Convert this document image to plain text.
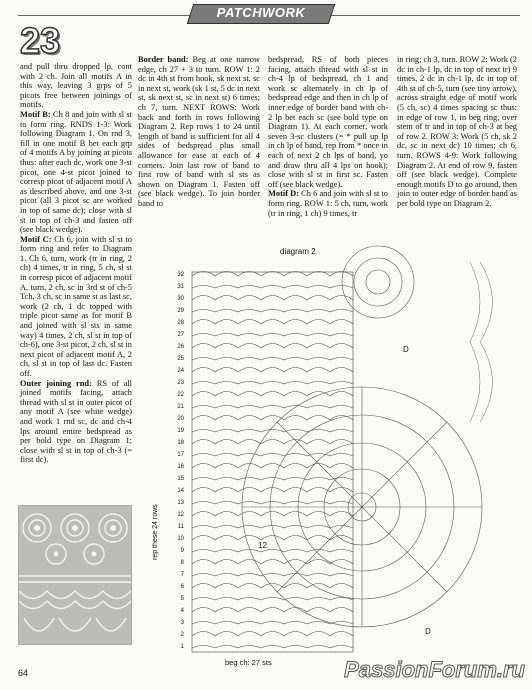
PATCHWORK
23

and pull thru dropped lp, cont with 2 ch. Join all motifs A in this way, leaving 3 grps of 5 picots free between joinings of motifs.

Motif B: Ch 8 and join with sl st to form ring. RNDS 1-3: Work following Diagram 1. On rnd 3, fill in one motif B bet each grp of 4 motifs A by joining at picots thus: after each dc, work one 3-st picot, one 4-st picot joined to corresp picot of adjacent motif A as described above, and one 3-st picot (all 3 picot sc are worked in top of same dc); close with sl st in top of ch-3 and fasten off (see black wedge).

Motif C: Ch 6, join with sl st to form ring and refer to Diagram 1. Ch 6, turn, work (tr in ring, 2 ch) 4 times, tr in ring, 5 ch, sl st in corresp picot of adjacent motif A, turn, 2 ch, sc in 3rd st of ch-5 Tch, 3 ch, sc in same st as last sc, work (2 ch, 1 dc topped with triple picot same as for motif B and joined with sl sts in same way) 4 times, 2 ch, sl st in top of ch-6), one 3-st picot, 2 ch, sl st in next picot of adjacent motif A, 2 ch, sl st in top of last dc. Fasten off.

Outer joining rnd: RS of all joined motifs facing, attach thread with sl st in outer picot of any motif A (see white wedge) and work 1 rnd sc, dc and ch-4 lps around entire bedspread as per bold type on Diagram 1; close with sl st in top of ch-3 (= first dc).

Border band: Beg at one narrow edge, ch 27 + 3 to turn. ROW 1: 2 dc in 4th st from hook, sk next st, sc in next st, work (sk 1 st, 5 dc in next st, sk next st, sc in next st) 6 times; ch 7, turn. NEXT ROWS: Work back and forth in rows following Diagram 2. Rep rows 1 to 24 until length of band is sufficient for all 4 sides of bedspread plus small allowance for ease at each of 4 corners. Join last row of band to first row of band with sl sts as shown on Diagram 1. Fasten off (see black wedge). To join border band to

bedspread, RS of both pieces facing, attach thread with sl st in ch-4 lp of bedspread, ch 1 and work sc alternately in ch lp of bedspread edge and then in ch lp of inner edge of border band with ch-2 lp bet each sc (see bold type on Diagram 1). At each corner, work seven 3-sc clusters (= * pull up lp in ch lp of band, rep from * once in each of next 2 ch lps of band, yo and draw thru all 4 lps on hook); close with sl st in first sc. Fasten off (see black wedge).

Motif D: Ch 6 and join with sl st to form ring. ROW 1: 5 ch, turn, work (tr in ring, 1 ch) 9 times, tr

in ring; ch 3, turn. ROW 2: Work (2 dc in ch-1 lp, dc in top of next tr) 9 times, 2 dc in ch-1 lp, dc in top of 4th st of ch-5, turn (see tiny arrow), across straight edge of motif work (5 ch, sc) 4 times spacing sc thus: in edge of row 1, in beg ring, over stem of tr and in top of ch-3 at beg of row 2. ROW 3: Work (5 ch, sk 2 dc, sc in next dc) 10 times; ch 6, turn. ROWS 4-9: Work following Diagram 2. At end of row 9, fasten off (see black wedge). Complete enough motifs D to go around, then join to outer edge of border band as per bold type on Diagram 2.

64
diagram 2
1
2
3
4
5
6
7
8
9
10
11
12
13
14
15
16
17
18
19
20
21
22
23
24
25
26
27
28
29
30
31
32
rep these 24 rows	12
D
D
beg ch: 27 sts	PassionForum.ru
